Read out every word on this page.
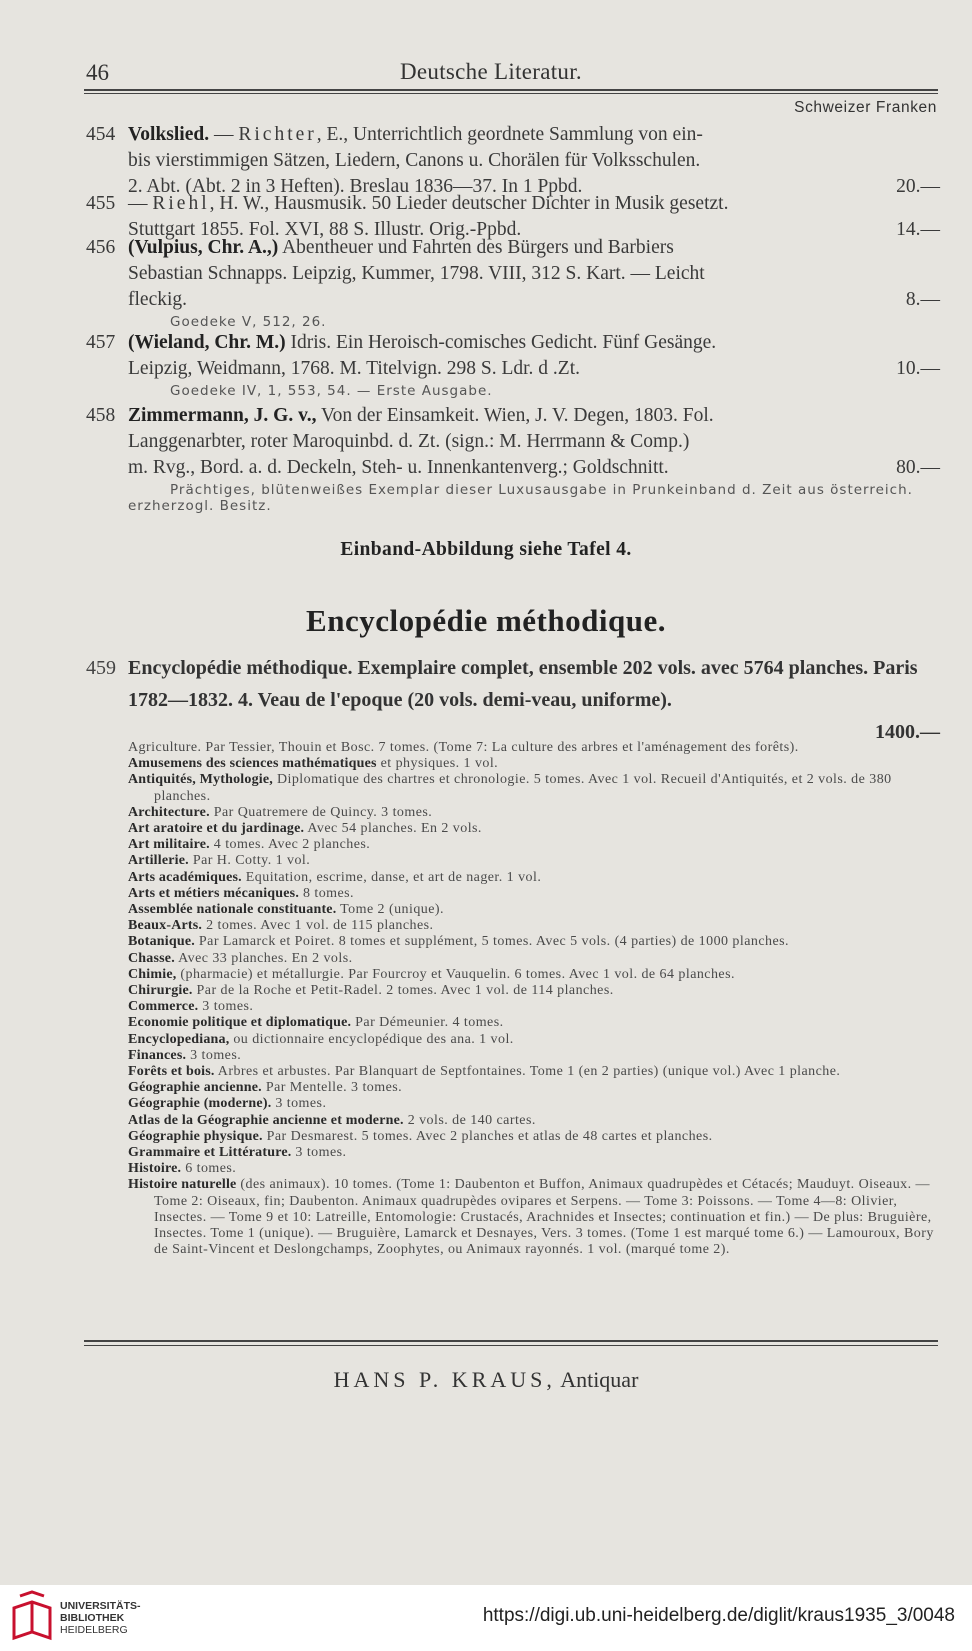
46	Deutsche Literatur.
Schweizer Franken
454 Volkslied. — Richter, E., Unterrichtlich geordnete Sammlung von ein-
bis vierstimmigen Sätzen, Liedern, Canons u. Chorälen für Volksschulen.
2. Abt. (Abt. 2 in 3 Heften). Breslau 1836—37. In 1 Ppbd.	20.—
455 — Riehl, H. W., Hausmusik. 50 Lieder deutscher Dichter in Musik gesetzt.
Stuttgart 1855. Fol. XVI, 88 S. Illustr. Orig.-Ppbd.	14.—
456 (Vulpius, Chr. A.,) Abentheuer und Fahrten des Bürgers und Barbiers
Sebastian Schnapps. Leipzig, Kummer, 1798. VIII, 312 S. Kart. — Leicht
fleckig.	8.—
Goedeke V, 512, 26.
457 (Wieland, Chr. M.) Idris. Ein Heroisch-comisches Gedicht. Fünf Gesänge.
Leipzig, Weidmann, 1768. M. Titelvign. 298 S. Ldr. d .Zt.	10.—
Goedeke IV, 1, 553, 54. — Erste Ausgabe.
458 Zimmermann, J. G. v., Von der Einsamkeit. Wien, J. V. Degen, 1803. Fol.
Langgenarbter, roter Maroquinbd. d. Zt. (sign.: M. Herrmann & Comp.)
m. Rvg., Bord. a. d. Deckeln, Steh- u. Innenkantenverg.; Goldschnitt.	80.—
Prächtiges, blütenweißes Exemplar dieser Luxusausgabe in Prunkeinband d. Zeit aus österreich. erzherzogl. Besitz.
Einband-Abbildung siehe Tafel 4.
Encyclopédie méthodique.
459 Encyclopédie méthodique. Exemplaire complet, ensemble 202 vols. avec 5764 planches. Paris 1782—1832. 4. Veau de l'epoque (20 vols. demi-veau, uniforme).
1400.—
Agriculture. Par Tessier, Thouin et Bosc. 7 tomes. (Tome 7: La culture des arbres et l'aménagement des forêts).
Amusemens des sciences mathématiques et physiques. 1 vol.
Antiquités, Mythologie, Diplomatique des chartres et chronologie. 5 tomes. Avec 1 vol. Recueil d'Antiquités, et 2 vols. de 380 planches.
Architecture. Par Quatremere de Quincy. 3 tomes.
Art aratoire et du jardinage. Avec 54 planches. En 2 vols.
Art militaire. 4 tomes. Avec 2 planches.
Artillerie. Par H. Cotty. 1 vol.
Arts académiques. Equitation, escrime, danse, et art de nager. 1 vol.
Arts et métiers mécaniques. 8 tomes.
Assemblée nationale constituante. Tome 2 (unique).
Beaux-Arts. 2 tomes. Avec 1 vol. de 115 planches.
Botanique. Par Lamarck et Poiret. 8 tomes et supplément, 5 tomes. Avec 5 vols. (4 parties) de 1000 planches.
Chasse. Avec 33 planches. En 2 vols.
Chimie, (pharmacie) et métallurgie. Par Fourcroy et Vauquelin. 6 tomes. Avec 1 vol. de 64 planches.
Chirurgie. Par de la Roche et Petit-Radel. 2 tomes. Avec 1 vol. de 114 planches.
Commerce. 3 tomes.
Economie politique et diplomatique. Par Démeunier. 4 tomes.
Encyclopediana, ou dictionnaire encyclopédique des ana. 1 vol.
Finances. 3 tomes.
Forêts et bois. Arbres et arbustes. Par Blanquart de Septfontaines. Tome 1 (en 2 parties) (unique vol.) Avec 1 planche.
Géographie ancienne. Par Mentelle. 3 tomes.
Géographie (moderne). 3 tomes.
Atlas de la Géographie ancienne et moderne. 2 vols. de 140 cartes.
Géographie physique. Par Desmarest. 5 tomes. Avec 2 planches et atlas de 48 cartes et planches.
Grammaire et Littérature. 3 tomes.
Histoire. 6 tomes.
Histoire naturelle (des animaux). 10 tomes. (Tome 1: Daubenton et Buffon, Animaux quadrupèdes et Cétacés; Mauduyt. Oiseaux. — Tome 2: Oiseaux, fin; Daubenton. Animaux quadrupèdes ovipares et Serpens. — Tome 3: Poissons. — Tome 4—8: Olivier, Insectes. — Tome 9 et 10: Latreille, Entomologie: Crustacés, Arachnides et Insectes; continuation et fin.) — De plus: Bruguière, Insectes. Tome 1 (unique). — Bruguière, Lamarck et Desnayes, Vers. 3 tomes. (Tome 1 est marqué tome 6.) — Lamouroux, Bory de Saint-Vincent et Deslongchamps, Zoophytes, ou Animaux rayonnés. 1 vol. (marqué tome 2).
HANS P. KRAUS, Antiquar
UNIVERSITÄTS-
BIBLIOTHEK
HEIDELBERG
https://digi.ub.uni-heidelberg.de/diglit/kraus1935_3/0048
